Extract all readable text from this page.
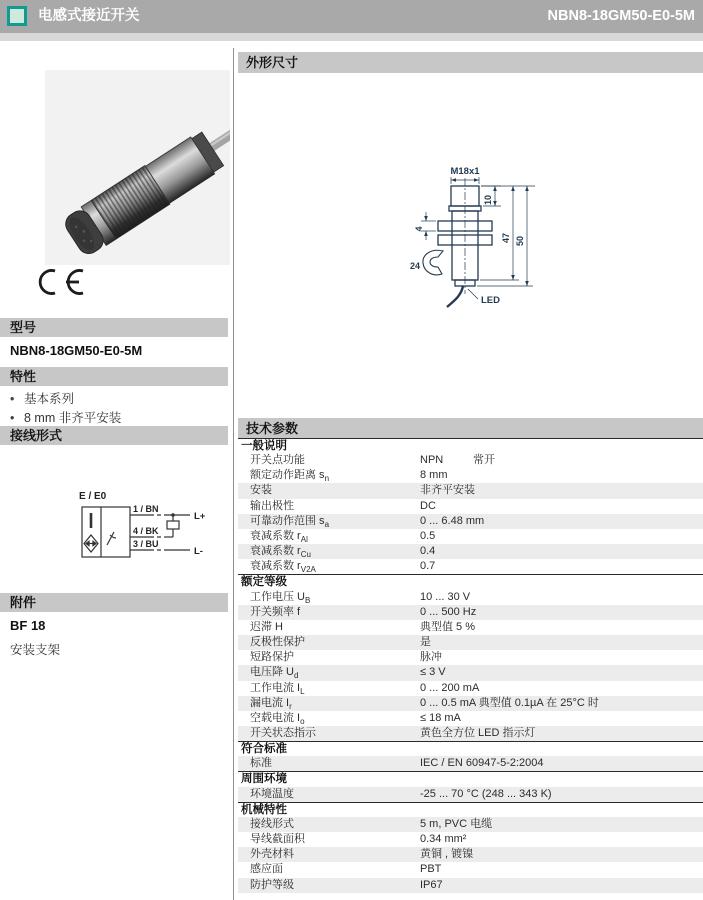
电感式接近开关	NBN8-18GM50-E0-5M
型号
NBN8-18GM50-E0-5M
特性
• 基本系列
• 8 mm 非齐平安装
接线形式
E / E0
1 / BN
L+
4 / BK
3 / BU
L-
附件
BF 18
安装支架
外形尺寸
M18x1
LED
10
4
24
47 50
技术参数
一般说明
开关点功能	NPN	常开
额定动作距离 $s_n$	8 mm
安装	非齐平安装
输出极性	DC
可靠动作范围 $s_a$	0 ... 6.48 mm
衰减系数 $r_{Al}$	0.5
衰减系数 $r_{Cu}$	0.4
衰减系数 $r_{V2A}$	0.7
额定等级
工作电压 $U_B$	10 ... 30 V
开关频率 f	0 ... 500 Hz
迟滞 H	典型值 5 %
反极性保护	是
短路保护	脉冲
电压降 $U_d$	≤ 3 V
工作电流 $I_L$	0 ... 200 mA
漏电流 $I_r$	0 ... 0.5 mA 典型值 0.1µA 在 25°C 时
空载电流 $I_o$	≤ 18 mA
开关状态指示	黄色全方位 LED 指示灯
符合标准
标准	IEC / EN 60947-5-2:2004
周围环境
环境温度	-25 ... 70 °C (248 ... 343 K)
机械特性
接线形式	5 m, PVC 电缆
导线截面积	0.34 mm²
外壳材料	黄铜 , 镀镍
感应面	PBT
防护等级	IP67
